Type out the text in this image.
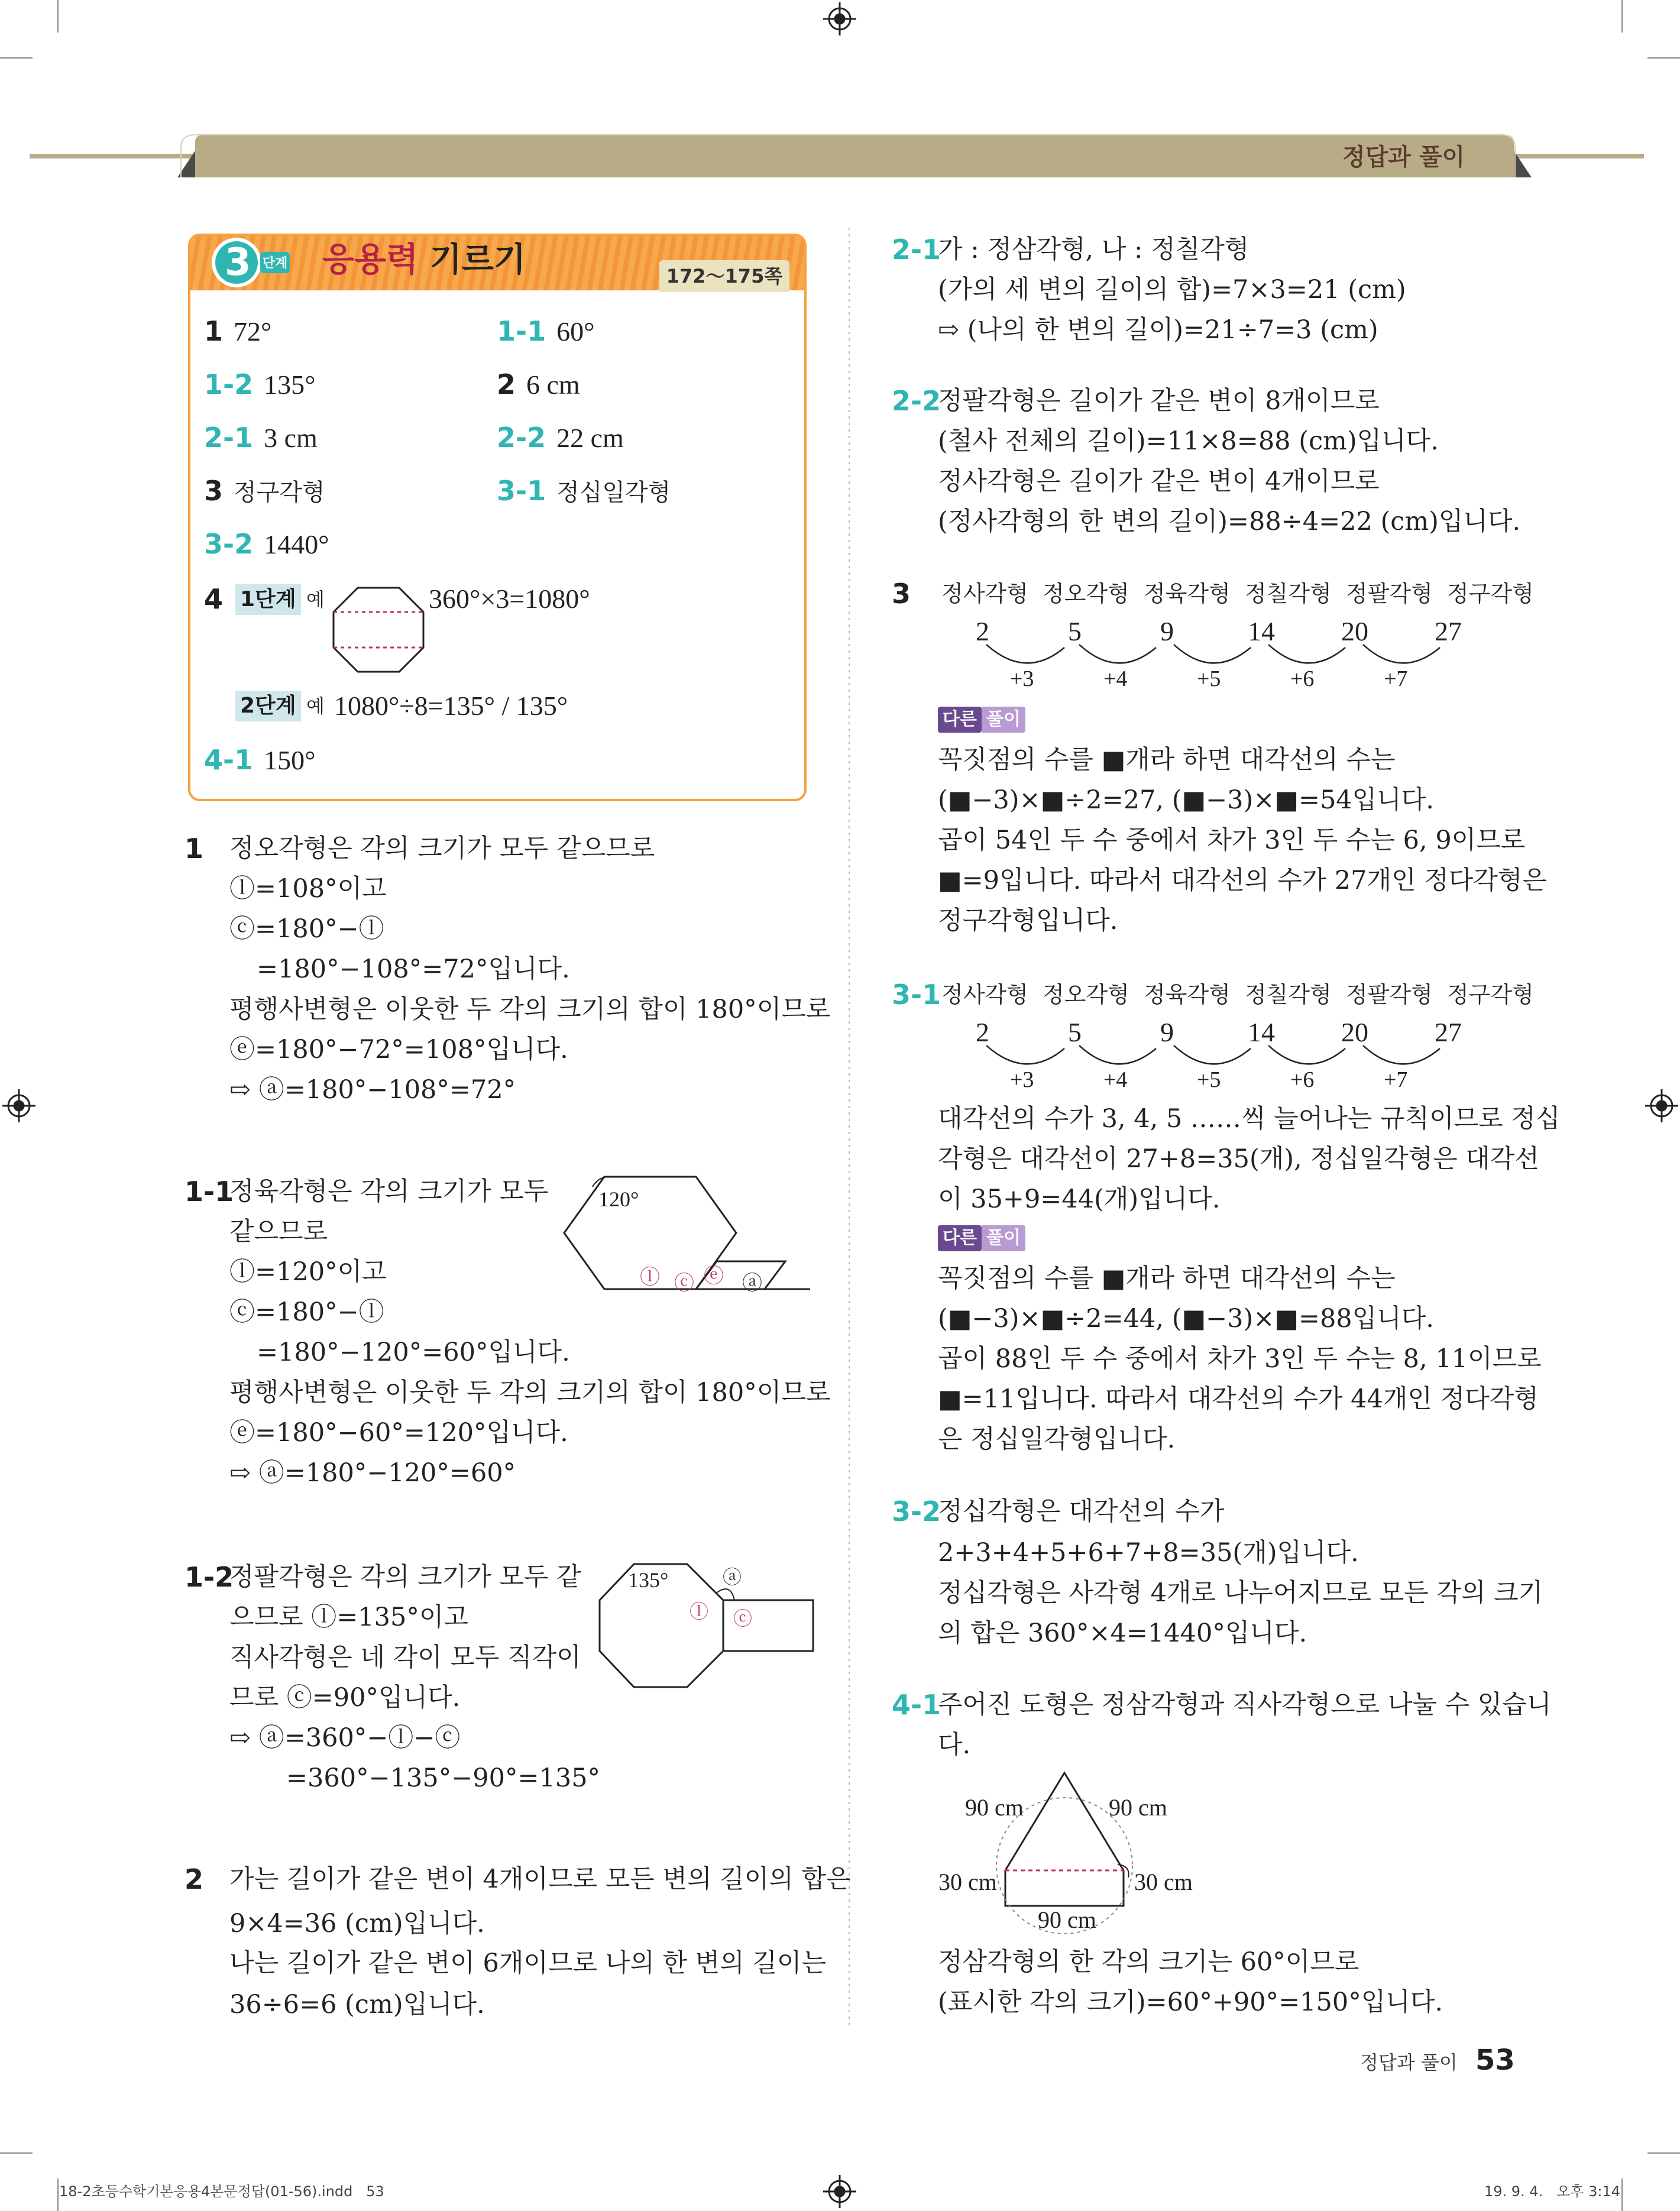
정답과 풀이
3 단계 응용력 기르기	172～175쪽
1 72°	1-1 60°
1-2 135°	2 6 cm
2-1 3 cm	2-2 22 cm
3 정구각형	3-1 정십일각형
3-2 1440°
4 1단계 예	360°×3=1080°
2단계 예 1080°÷8=135° / 135°
4-1 150°
1 정오각형은 각의 크기가 모두 같으므로
ⓛ=108°이고
ⓒ=180°−ⓛ
=180°−108°=72°입니다.
평행사변형은 이웃한 두 각의 크기의 합이 180°이므로
ⓔ=180°−72°=108°입니다.
⇨ ⓐ=180°−108°=72°
1-1
정육각형은 각의 크기가 모두
같으므로
ⓛ=120°이고
ⓒ=180°−ⓛ
=180°−120°=60°입니다.
평행사변형은 이웃한 두 각의 크기의 합이 180°이므로
ⓔ=180°−60°=120°입니다.
⇨ ⓐ=180°−120°=60°
120°
ⓛ ⓒ ⓔ ⓐ
1-2
정팔각형은 각의 크기가 모두 같
으므로 ⓛ=135°이고
직사각형은 네 각이 모두 직각이
므로 ⓒ=90°입니다.
⇨ ⓐ=360°−ⓛ−ⓒ
=360°−135°−90°=135°
135°	ⓐ
ⓛ ⓒ
2 가는 길이가 같은 변이 4개이므로 모든 변의 길이의 합은
9×4=36 (cm)입니다.
나는 길이가 같은 변이 6개이므로 나의 한 변의 길이는
36÷6=6 (cm)입니다.
2-1
가 : 정삼각형, 나 : 정칠각형
(가의 세 변의 길이의 합)=7×3=21 (cm)
⇨ (나의 한 변의 길이)=21÷7=3 (cm)
2-2
정팔각형은 길이가 같은 변이 8개이므로
(철사 전체의 길이)=11×8=88 (cm)입니다.
정사각형은 길이가 같은 변이 4개이므로
(정사각형의 한 변의 길이)=88÷4=22 (cm)입니다.
3 정사각형  정오각형  정육각형  정칠각형  정팔각형  정구각형
2	5	9	14 20 27
+3	+4	+5	+6	+7
다른 풀이
꼭짓점의 수를 ■개라 하면 대각선의 수는
(■−3)×■÷2=27, (■−3)×■=54입니다.
곱이 54인 두 수 중에서 차가 3인 두 수는 6, 9이므로
■=9입니다. 따라서 대각선의 수가 27개인 정다각형은
정구각형입니다.
3-1 정사각형  정오각형  정육각형  정칠각형  정팔각형  정구각형
2	5	9	14 20 27
+3	+4	+5	+6	+7
대각선의 수가 3, 4, 5 ……씩 늘어나는 규칙이므로 정십
각형은 대각선이 27+8=35(개), 정십일각형은 대각선
이 35+9=44(개)입니다.
다른 풀이
꼭짓점의 수를 ■개라 하면 대각선의 수는
(■−3)×■÷2=44, (■−3)×■=88입니다.
곱이 88인 두 수 중에서 차가 3인 두 수는 8, 11이므로
■=11입니다. 따라서 대각선의 수가 44개인 정다각형
은 정십일각형입니다.
3-2
정십각형은 대각선의 수가
2+3+4+5+6+7+8=35(개)입니다.
정십각형은 사각형 4개로 나누어지므로 모든 각의 크기
의 합은 360°×4=1440°입니다.
4-1
주어진 도형은 정삼각형과 직사각형으로 나눌 수 있습니
다.
90 cm	90 cm
30 cm	30 cm
90 cm
정삼각형의 한 각의 크기는 60°이므로
(표시한 각의 크기)=60°+90°=150°입니다.
정답과 풀이 53
18-2초등수학기본응용4본문정답(01-56).indd   53	19. 9. 4.   오후 3:14
